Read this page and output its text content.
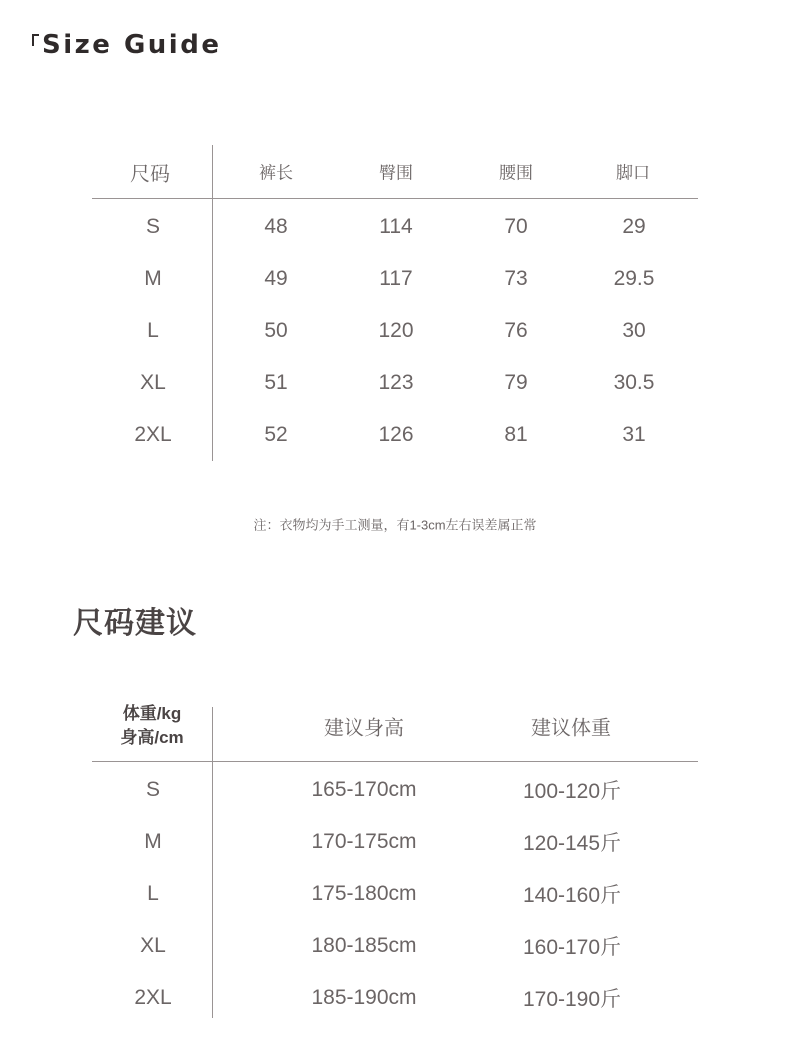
Size Guide
尺码	裤长	臀围	腰围	脚口
S	48	114	70	29
M	49	117	73	29.5
L	50	120	76	30
XL	51	123	79	30.5
2XL	52	126	81	31
注：衣物均为手工测量，有1-3cm左右误差属正常
尺码建议
体重/kg
身高/cm	建议身高	建议体重
S	165-170cm	100-120斤
M	170-175cm	120-145斤
L	175-180cm	140-160斤
XL	180-185cm	160-170斤
2XL	185-190cm	170-190斤
